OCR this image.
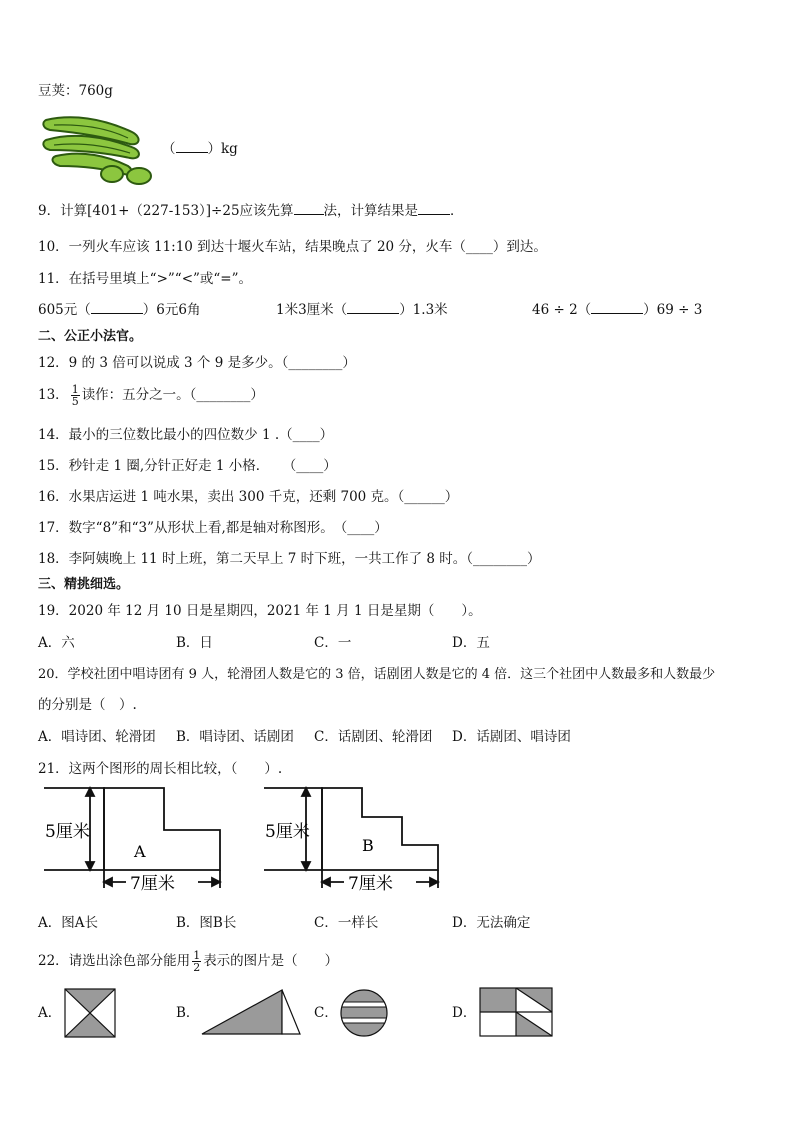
豆荚：760g
（ ）kg
9．计算[401+（227-153）]÷25应该先算 法，计算结果是 ．
10．一列火车应该 11:10 到达十堰火车站，结果晚点了 20 分，火车（____）到达。
11．在括号里填上“>”“<”或“=”。
605元（	）6元6角	1米3厘米（	）1.3米	46 ÷ 2（	）69 ÷ 3
二、公正小法官。
12．9 的 3 倍可以说成 3 个 9 是多少。（________）
13． $\frac{1}{5}$ 读作：五分之一。（________）
14．最小的三位数比最小的四位数少 1 .（____）
15．秒针走 1 圈,分针正好走 1 小格．　　（____）
16．水果店运进 1 吨水果，卖出 300 千克，还剩 700 克。（______）
17．数字“8”和“3”从形状上看,都是轴对称图形。　（____）
18．李阿姨晚上 11 时上班，第二天早上 7 时下班，一共工作了 8 时。（________）
三、精挑细选。
19．2020 年 12 月 10 日是星期四，2021 年 1 月 1 日是星期（　　）。
A．六	B．日	C．一	D．五
20．学校社团中唱诗团有 9 人，轮滑团人数是它的 3 倍，话剧团人数是它的 4 倍．这三个社团中人数最多和人数最少
的分别是（　）.
A．唱诗团、轮滑团 B．唱诗团、话剧团 C．话剧团、轮滑团 D．话剧团、唱诗团
21．这两个图形的周长相比较，（　　）.
5厘米
A
7厘米
5厘米
B
7厘米
A．图A长	B．图B长	C．一样长	D．无法确定
22．请选出涂色部分能用 $\frac{1}{2}$ 表示的图片是（　　）
A．	B．	C．	D．
